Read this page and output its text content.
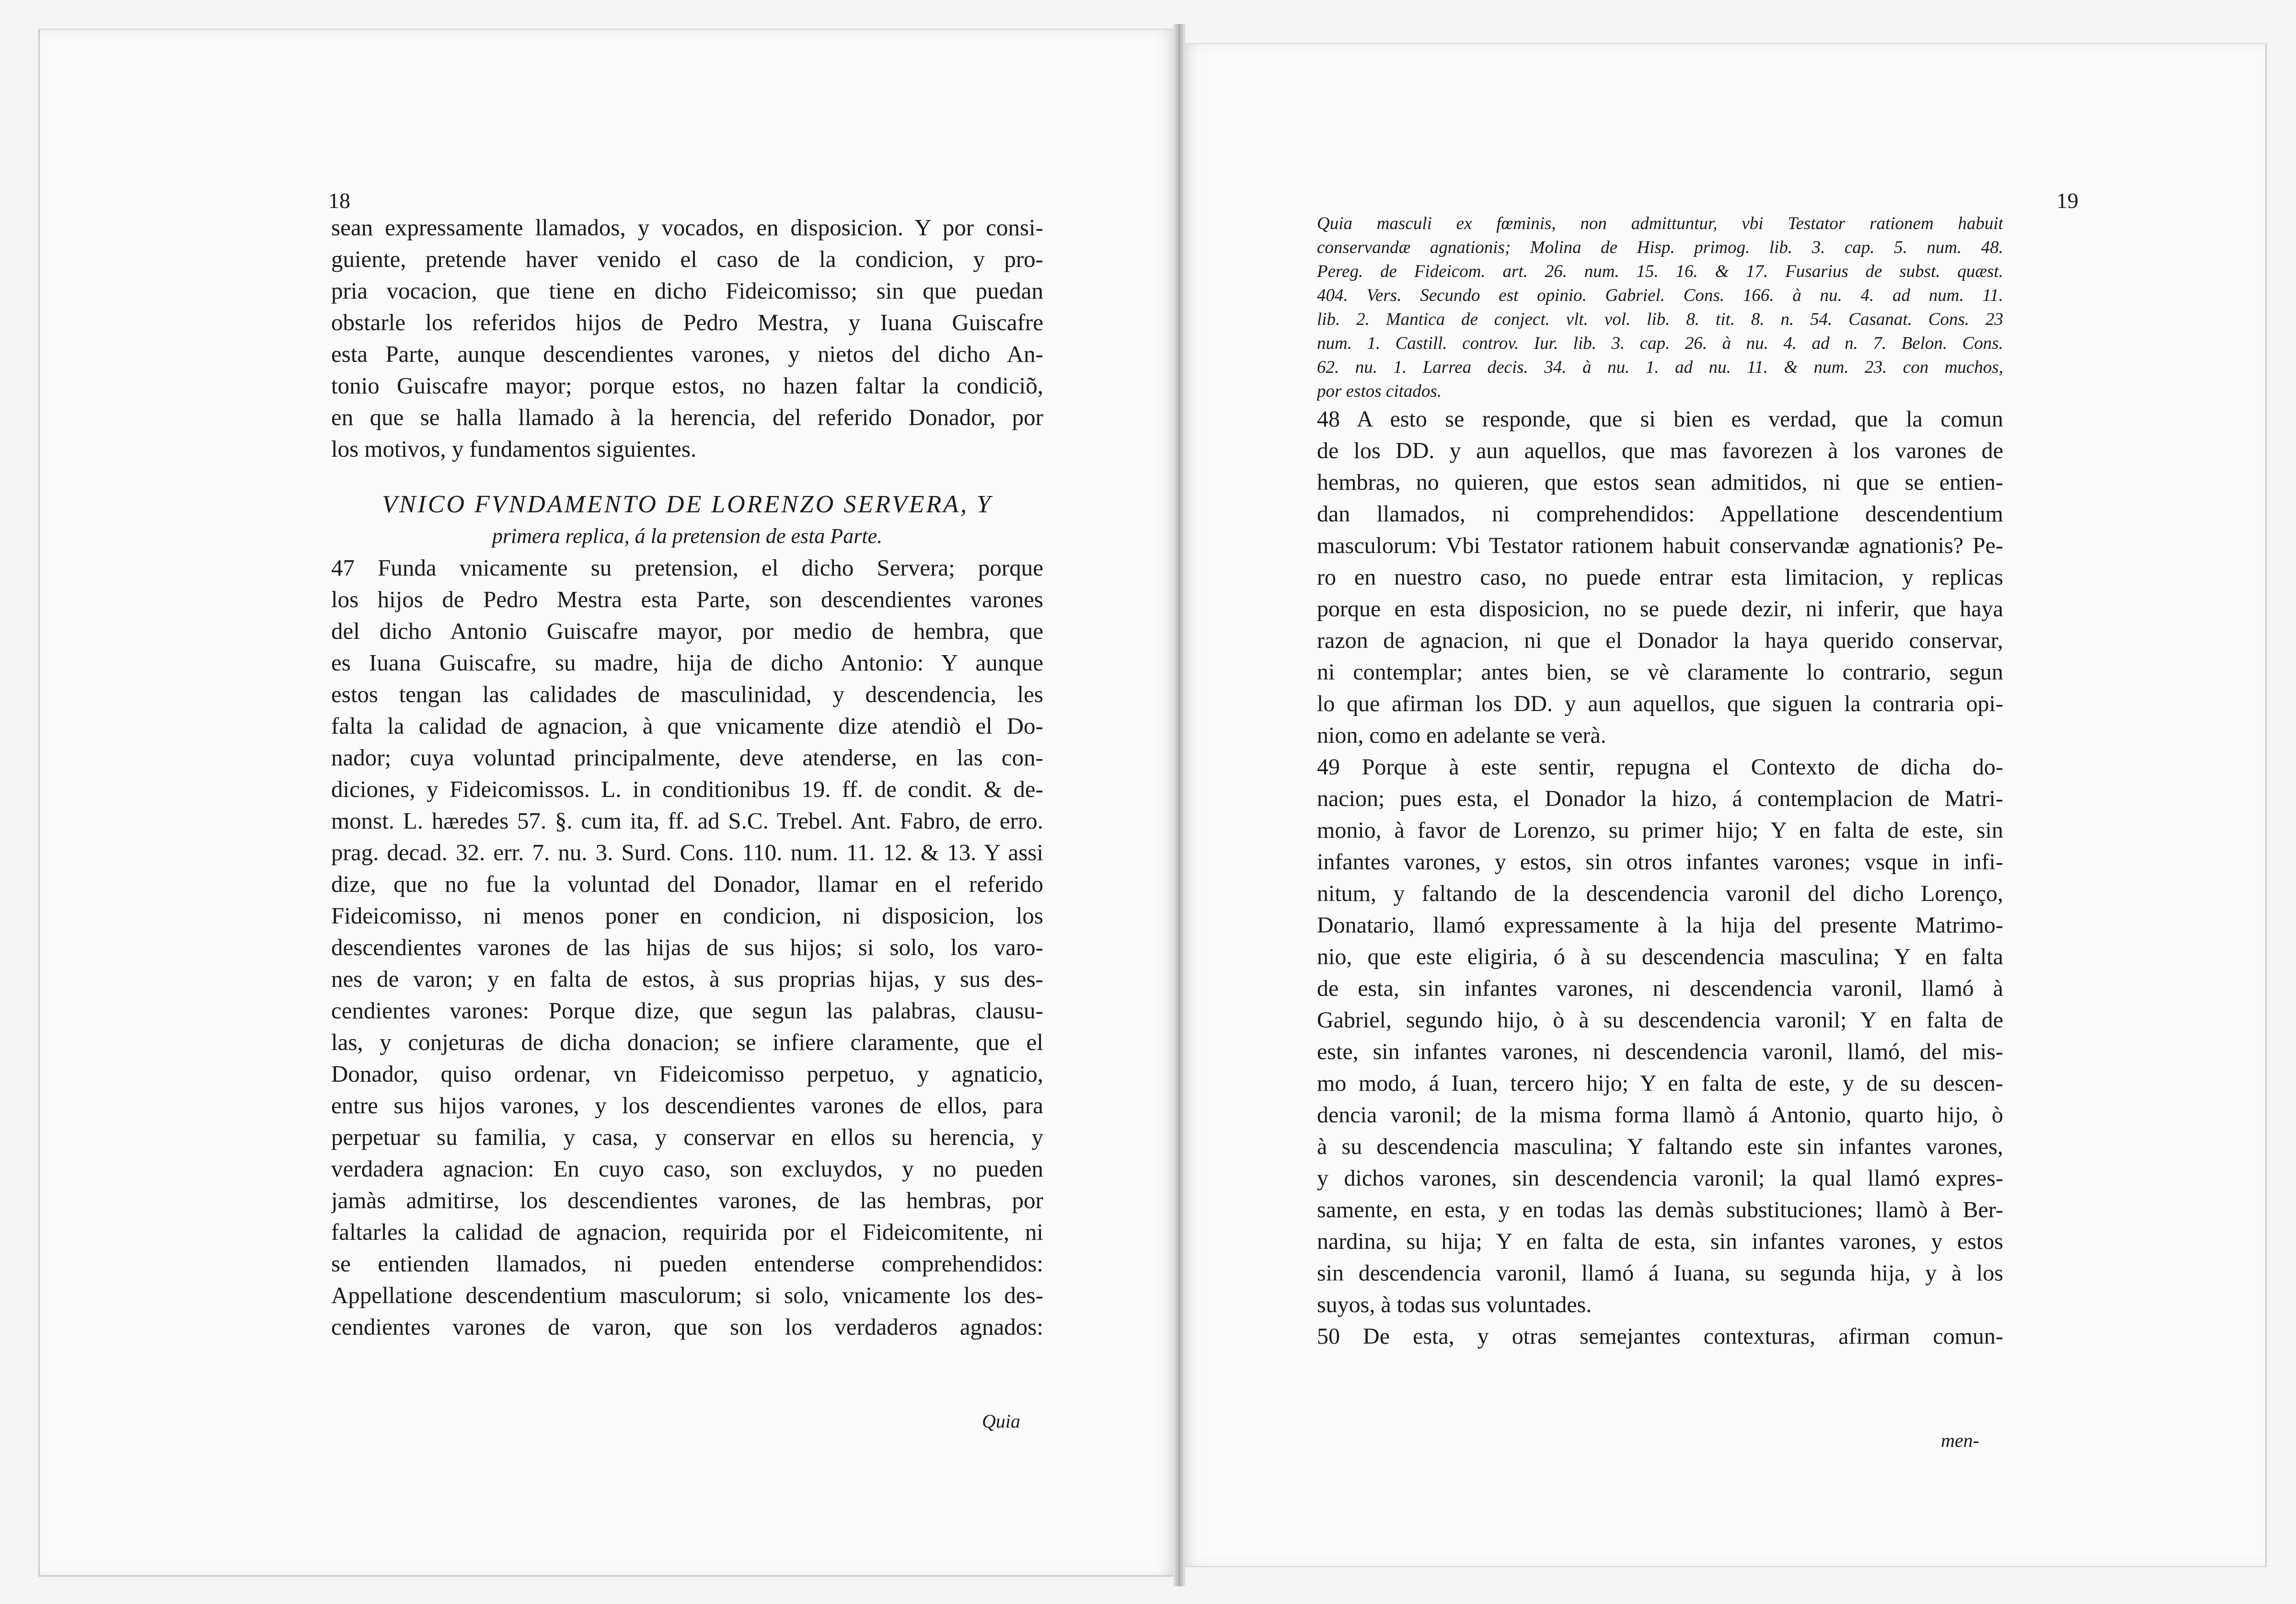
18
sean expressamente llamados, y vocados, en disposicion. Y por consi-
guiente, pretende haver venido el caso de la condicion, y pro-
pria vocacion, que tiene en dicho Fideicomisso; sin que puedan
obstarle los referidos hijos de Pedro Mestra, y Iuana Guiscafre
esta Parte, aunque descendientes varones, y nietos del dicho An-
tonio Guiscafre mayor; porque estos, no hazen faltar la condiciõ,
en que se halla llamado à la herencia, del referido Donador, por
los motivos, y fundamentos siguientes.
VNICO FVNDAMENTO DE LORENZO SERVERA, Y
primera replica, á la pretension de esta Parte.
47 Funda vnicamente su pretension, el dicho Servera; porque
los hijos de Pedro Mestra esta Parte, son descendientes varones
del dicho Antonio Guiscafre mayor, por medio de hembra, que
es Iuana Guiscafre, su madre, hija de dicho Antonio: Y aunque
estos tengan las calidades de masculinidad, y descendencia, les
falta la calidad de agnacion, à que vnicamente dize atendiò el Do-
nador; cuya voluntad principalmente, deve atenderse, en las con-
diciones, y Fideicomissos. L. in conditionibus 19. ff. de condit. & de-
monst. L. hæredes 57. §. cum ita, ff. ad S.C. Trebel. Ant. Fabro, de erro.
prag. decad. 32. err. 7. nu. 3. Surd. Cons. 110. num. 11. 12. & 13. Y assi
dize, que no fue la voluntad del Donador, llamar en el referido
Fideicomisso, ni menos poner en condicion, ni disposicion, los
descendientes varones de las hijas de sus hijos; si solo, los varo-
nes de varon; y en falta de estos, à sus proprias hijas, y sus des-
cendientes varones: Porque dize, que segun las palabras, clausu-
las, y conjeturas de dicha donacion; se infiere claramente, que el
Donador, quiso ordenar, vn Fideicomisso perpetuo, y agnaticio,
entre sus hijos varones, y los descendientes varones de ellos, para
perpetuar su familia, y casa, y conservar en ellos su herencia, y
verdadera agnacion: En cuyo caso, son excluydos, y no pueden
jamàs admitirse, los descendientes varones, de las hembras, por
faltarles la calidad de agnacion, requirida por el Fideicomitente, ni
se entienden llamados, ni pueden entenderse comprehendidos:
Appellatione descendentium masculorum; si solo, vnicamente los des-
cendientes varones de varon, que son los verdaderos agnados:
Quia
19
Quia masculi ex fœminis, non admittuntur, vbi Testator rationem habuit
conservandæ agnationis; Molina de Hisp. primog. lib. 3. cap. 5. num. 48.
Pereg. de Fideicom. art. 26. num. 15. 16. & 17. Fusarius de subst. quæst.
404. Vers. Secundo est opinio. Gabriel. Cons. 166. à nu. 4. ad num. 11.
lib. 2. Mantica de conject. vlt. vol. lib. 8. tit. 8. n. 54. Casanat. Cons. 23
num. 1. Castill. controv. Iur. lib. 3. cap. 26. à nu. 4. ad n. 7. Belon. Cons.
62. nu. 1. Larrea decis. 34. à nu. 1. ad nu. 11. & num. 23. con muchos,
por estos citados.
48 A esto se responde, que si bien es verdad, que la comun
de los DD. y aun aquellos, que mas favorezen à los varones de
hembras, no quieren, que estos sean admitidos, ni que se entien-
dan llamados, ni comprehendidos: Appellatione descendentium
masculorum: Vbi Testator rationem habuit conservandæ agnationis? Pe-
ro en nuestro caso, no puede entrar esta limitacion, y replicas
porque en esta disposicion, no se puede dezir, ni inferir, que haya
razon de agnacion, ni que el Donador la haya querido conservar,
ni contemplar; antes bien, se vè claramente lo contrario, segun
lo que afirman los DD. y aun aquellos, que siguen la contraria opi-
nion, como en adelante se verà.
49 Porque à este sentir, repugna el Contexto de dicha do-
nacion; pues esta, el Donador la hizo, á contemplacion de Matri-
monio, à favor de Lorenzo, su primer hijo; Y en falta de este, sin
infantes varones, y estos, sin otros infantes varones; vsque in infi-
nitum, y faltando de la descendencia varonil del dicho Lorenço,
Donatario, llamó expressamente à la hija del presente Matrimo-
nio, que este eligiria, ó à su descendencia masculina; Y en falta
de esta, sin infantes varones, ni descendencia varonil, llamó à
Gabriel, segundo hijo, ò à su descendencia varonil; Y en falta de
este, sin infantes varones, ni descendencia varonil, llamó, del mis-
mo modo, á Iuan, tercero hijo; Y en falta de este, y de su descen-
dencia varonil; de la misma forma llamò á Antonio, quarto hijo, ò
à su descendencia masculina; Y faltando este sin infantes varones,
y dichos varones, sin descendencia varonil; la qual llamó expres-
samente, en esta, y en todas las demàs substituciones; llamò à Ber-
nardina, su hija; Y en falta de esta, sin infantes varones, y estos
sin descendencia varonil, llamó á Iuana, su segunda hija, y à los
suyos, à todas sus voluntades.
50 De esta, y otras semejantes contexturas, afirman comun-
men-
